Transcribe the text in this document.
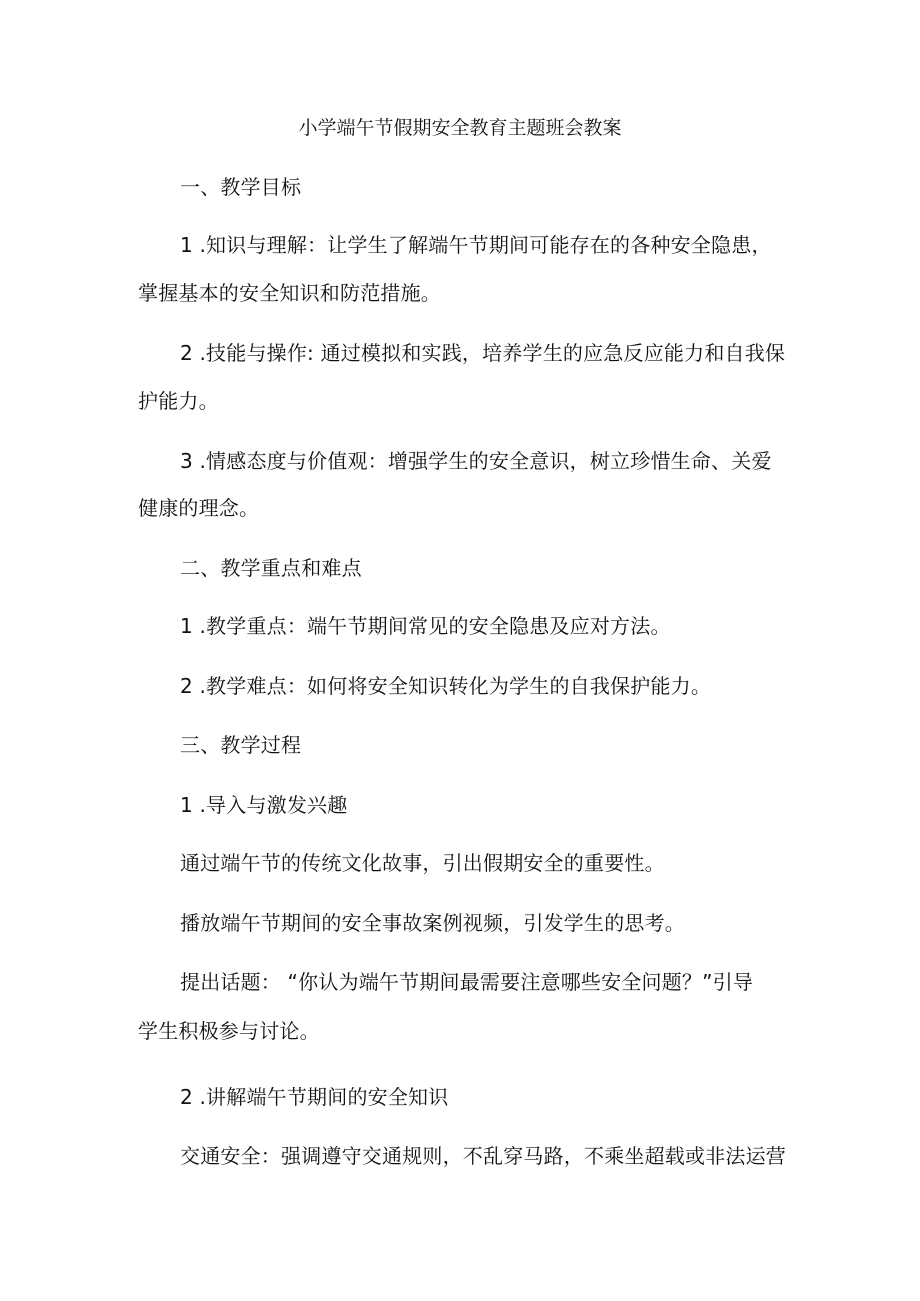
小学端午节假期安全教育主题班会教案
一、教学目标
1 .知识与理解：让学生了解端午节期间可能存在的各种安全隐患，
掌握基本的安全知识和防范措施。
2 .技能与操作: 通过模拟和实践，培养学生的应急反应能力和自我保
护能力。
3 .情感态度与价值观：增强学生的安全意识，树立珍惜生命、关爱
健康的理念。
二、教学重点和难点
1 .教学重点：端午节期间常见的安全隐患及应对方法。
2 .教学难点：如何将安全知识转化为学生的自我保护能力。
三、教学过程
1 .导入与激发兴趣
通过端午节的传统文化故事，引出假期安全的重要性。
播放端午节期间的安全事故案例视频，引发学生的思考。
提出话题： “你认为端午节期间最需要注意哪些安全问题？”引导
学生积极参与讨论。
2 .讲解端午节期间的安全知识
交通安全：强调遵守交通规则，不乱穿马路，不乘坐超载或非法运营
